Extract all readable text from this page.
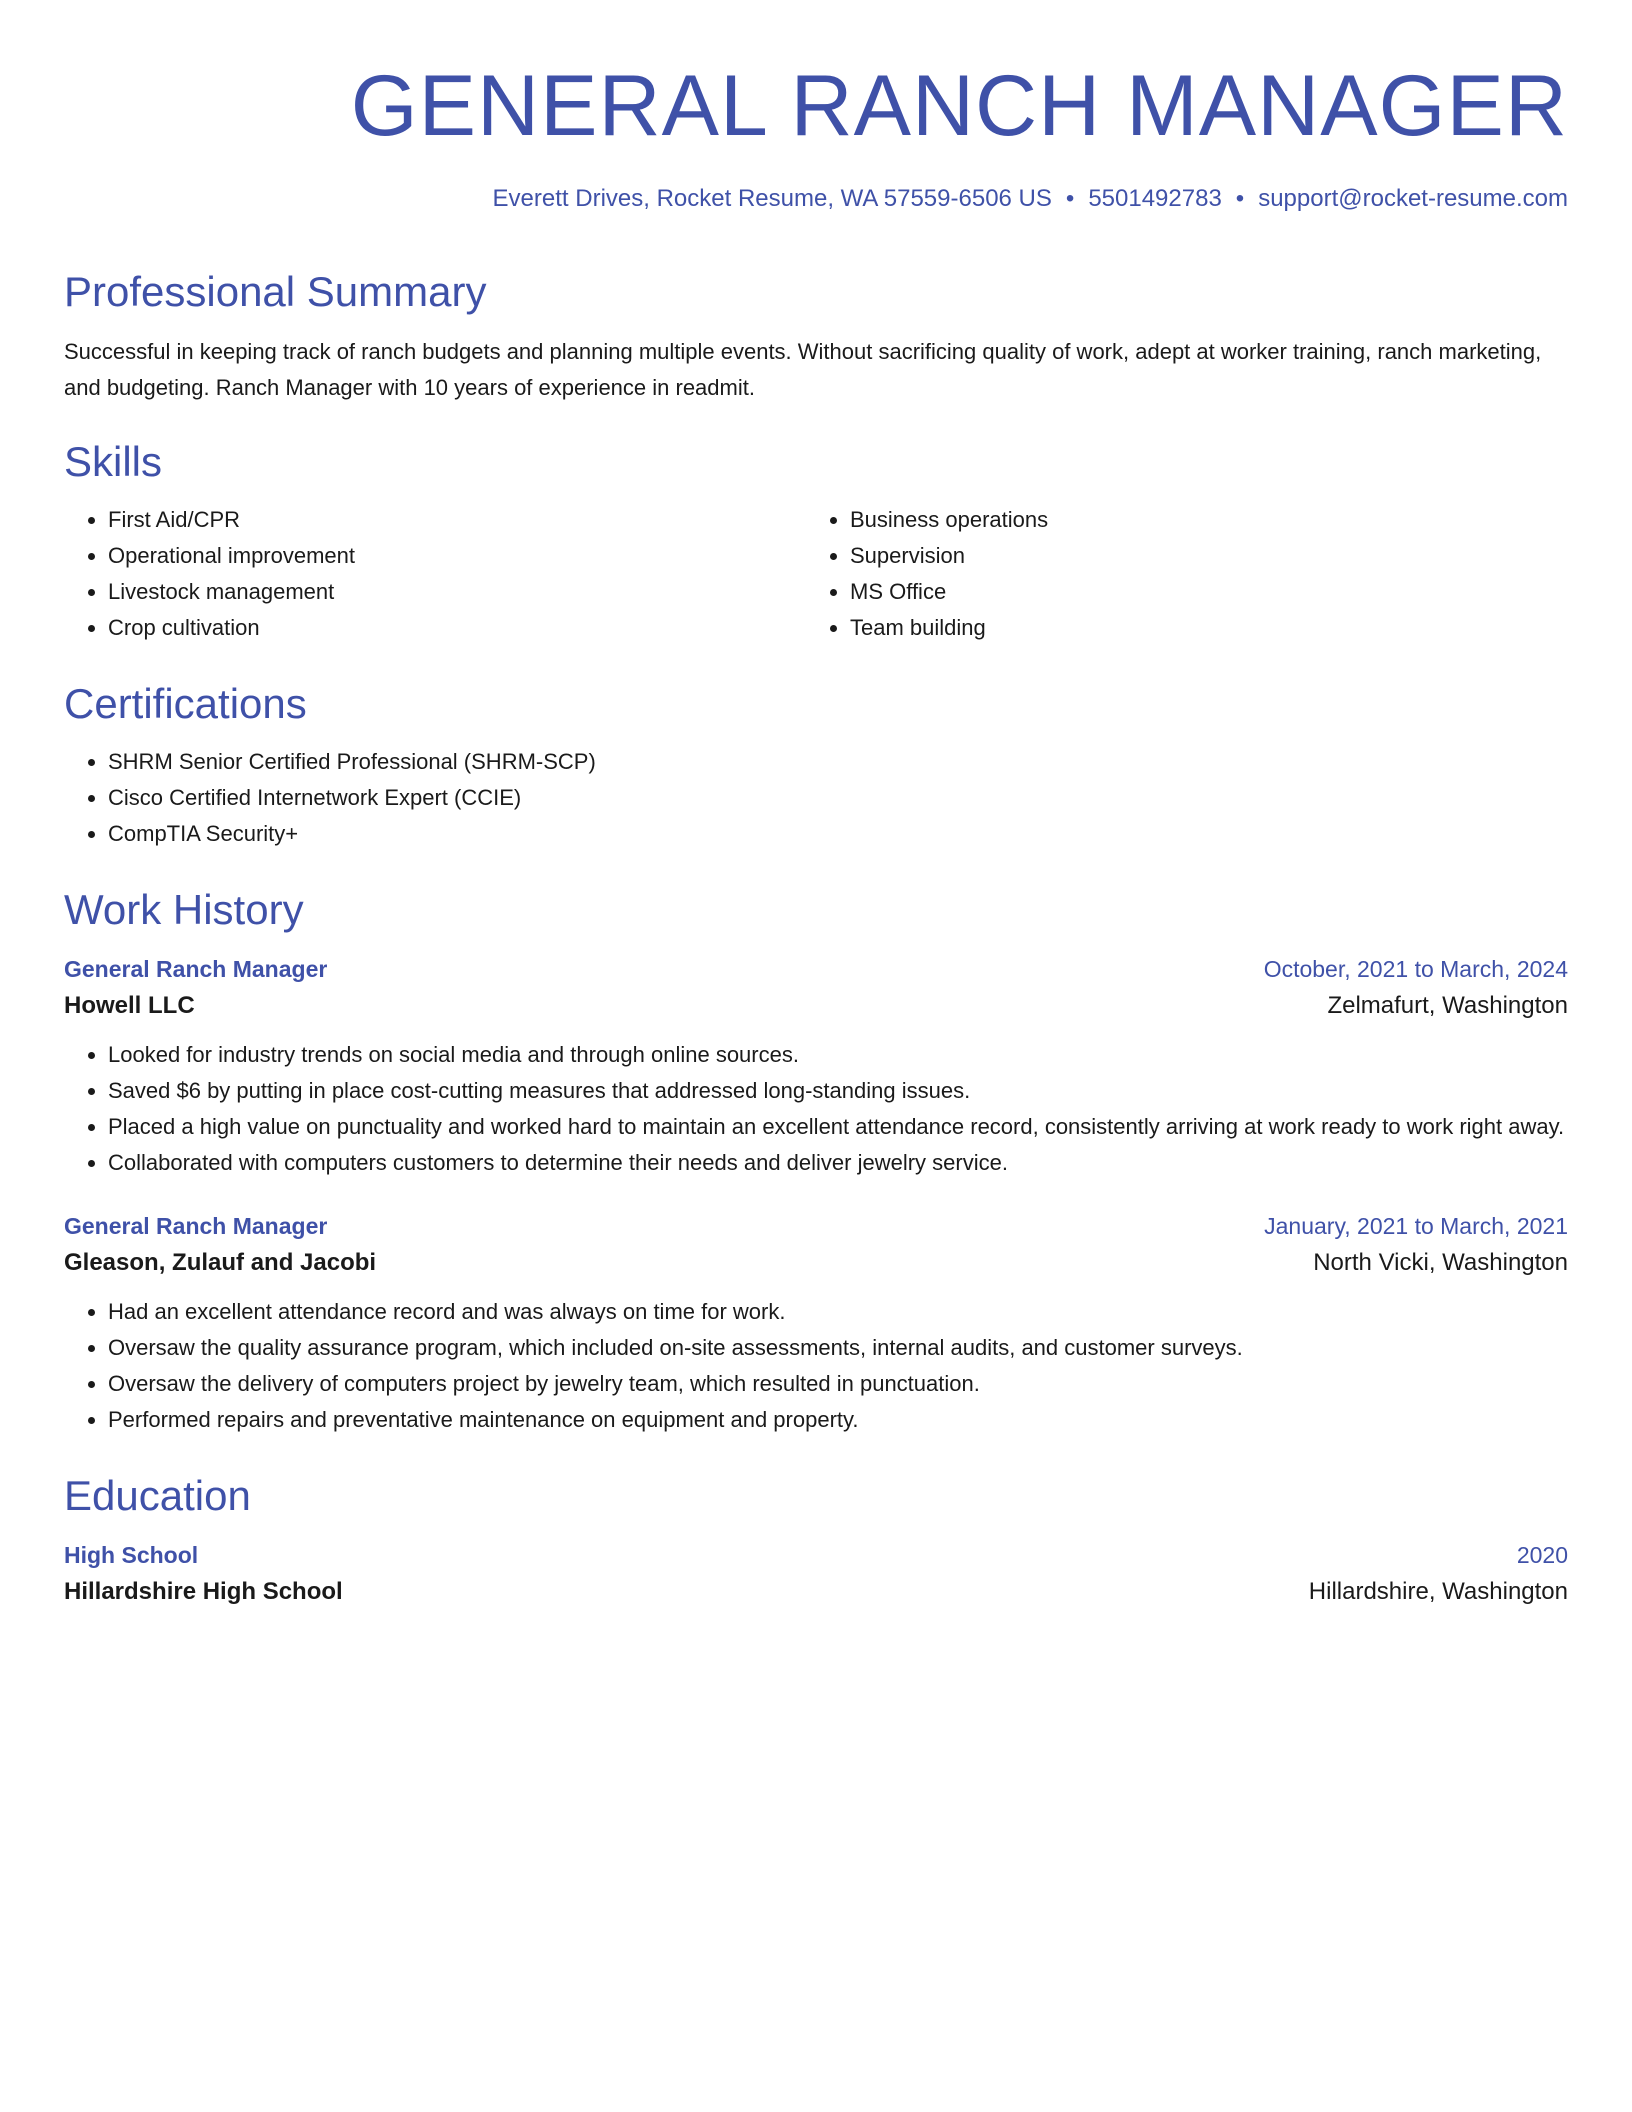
GENERAL RANCH MANAGER
Everett Drives, Rocket Resume, WA 57559-6506 US • 5501492783 • support@rocket-resume.com
Professional Summary
Successful in keeping track of ranch budgets and planning multiple events. Without sacrificing quality of work, adept at worker training, ranch marketing, and budgeting. Ranch Manager with 10 years of experience in readmit.
Skills
• First Aid/CPR
• Operational improvement
• Livestock management
• Crop cultivation
• Business operations
• Supervision
• MS Office
• Team building
Certifications
• SHRM Senior Certified Professional (SHRM-SCP)
• Cisco Certified Internetwork Expert (CCIE)
• CompTIA Security+
Work History
General Ranch Manager	October, 2021 to March, 2024
Howell LLC	Zelmafurt, Washington
• Looked for industry trends on social media and through online sources.
• Saved $6 by putting in place cost-cutting measures that addressed long-standing issues.
• Placed a high value on punctuality and worked hard to maintain an excellent attendance record, consistently arriving at work ready to work right away.
• Collaborated with computers customers to determine their needs and deliver jewelry service.
General Ranch Manager	January, 2021 to March, 2021
Gleason, Zulauf and Jacobi	North Vicki, Washington
• Had an excellent attendance record and was always on time for work.
• Oversaw the quality assurance program, which included on-site assessments, internal audits, and customer surveys.
• Oversaw the delivery of computers project by jewelry team, which resulted in punctuation.
• Performed repairs and preventative maintenance on equipment and property.
Education
High School	2020
Hillardshire High School	Hillardshire, Washington
